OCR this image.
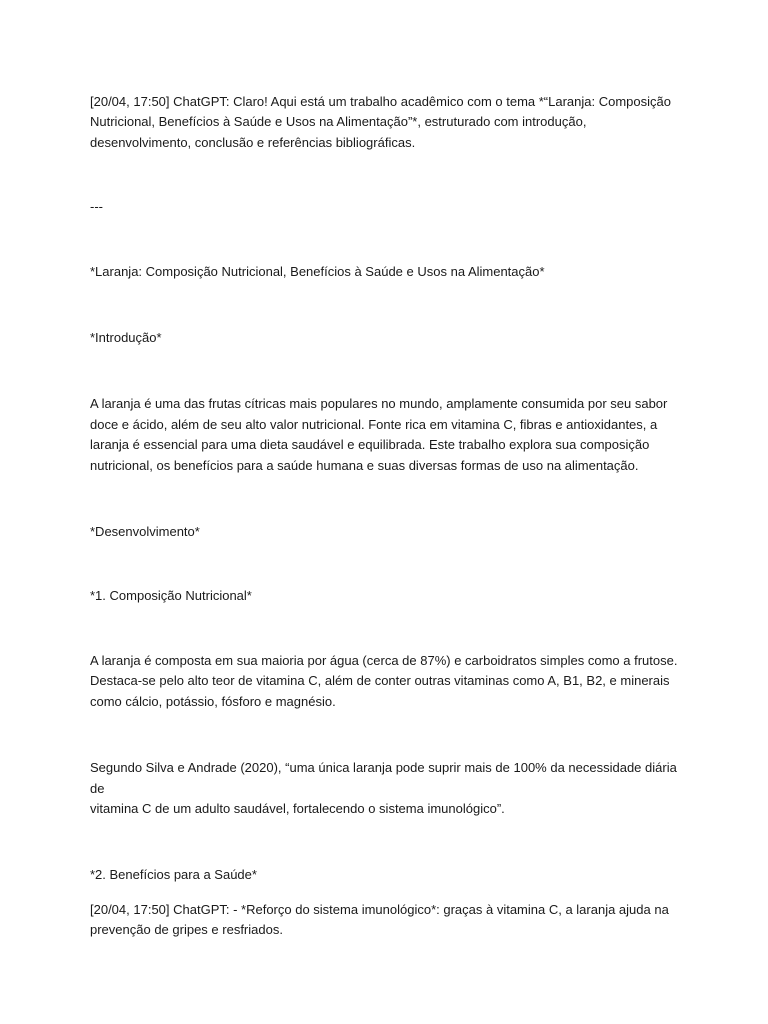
[20/04, 17:50] ChatGPT: Claro! Aqui está um trabalho acadêmico com o tema *“Laranja: Composição
Nutricional, Benefícios à Saúde e Usos na Alimentação”*, estruturado com introdução,
desenvolvimento, conclusão e referências bibliográficas.

---

*Laranja: Composição Nutricional, Benefícios à Saúde e Usos na Alimentação*

*Introdução*

A laranja é uma das frutas cítricas mais populares no mundo, amplamente consumida por seu sabor
doce e ácido, além de seu alto valor nutricional. Fonte rica em vitamina C, fibras e antioxidantes, a
laranja é essencial para uma dieta saudável e equilibrada. Este trabalho explora sua composição
nutricional, os benefícios para a saúde humana e suas diversas formas de uso na alimentação.

*Desenvolvimento*

*1. Composição Nutricional*

A laranja é composta em sua maioria por água (cerca de 87%) e carboidratos simples como a frutose.
Destaca-se pelo alto teor de vitamina C, além de conter outras vitaminas como A, B1, B2, e minerais
como cálcio, potássio, fósforo e magnésio.

Segundo Silva e Andrade (2020), “uma única laranja pode suprir mais de 100% da necessidade diária de
vitamina C de um adulto saudável, fortalecendo o sistema imunológico”.

*2. Benefícios para a Saúde*

[20/04, 17:50] ChatGPT: - *Reforço do sistema imunológico*: graças à vitamina C, a laranja ajuda na
prevenção de gripes e resfriados.
